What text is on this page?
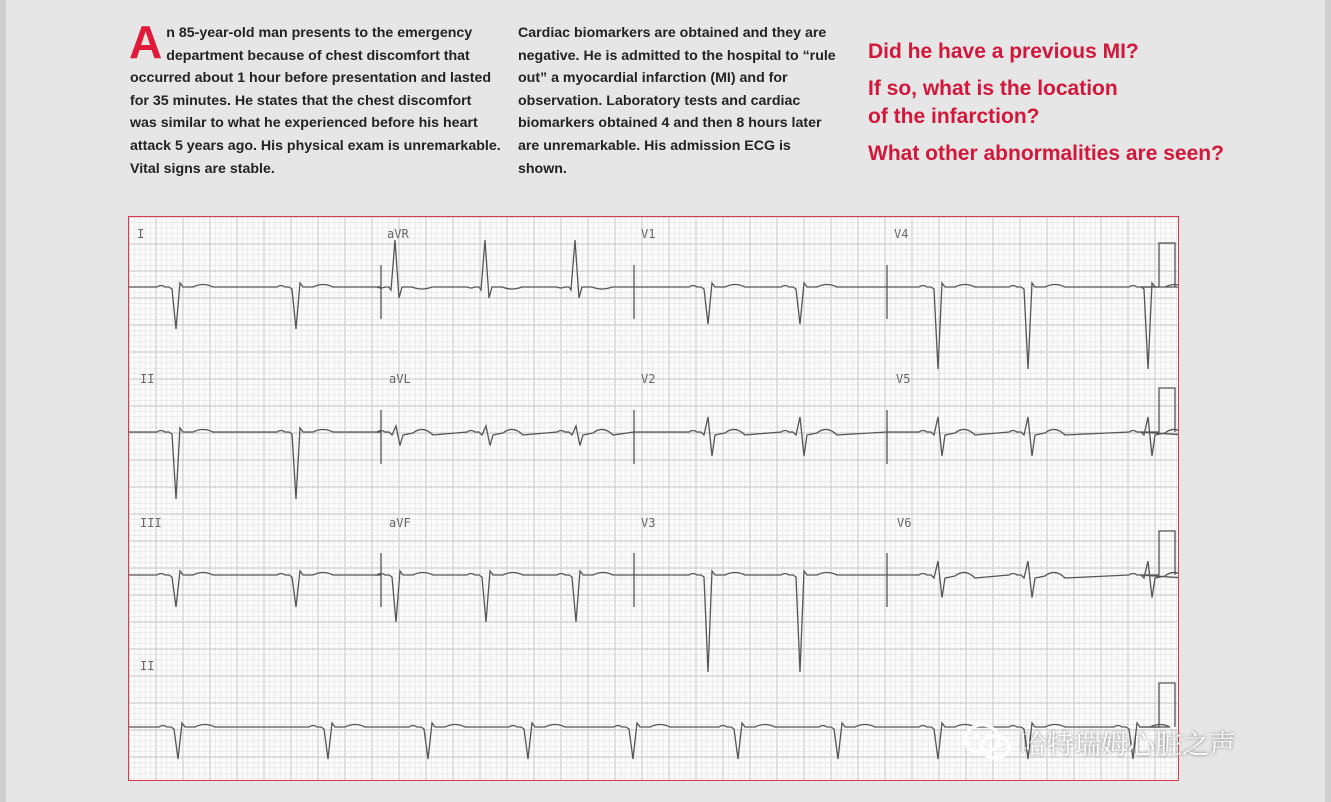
An 85-year-old man presents to the emergency department because of chest discomfort that occurred about 1 hour before presentation and lasted for 35 minutes. He states that the chest discomfort was similar to what he experienced before his heart attack 5 years ago. His physical exam is unremarkable. Vital signs are stable.

Cardiac biomarkers are obtained and they are negative. He is admitted to the hospital to “rule out” a myocardial infarction (MI) and for observation. Laboratory tests and cardiac biomarkers obtained 4 and then 8 hours later are unremarkable. His admission ECG is shown.

Did he have a previous MI?

If so, what is the location
of the infarction?

What other abnormalities are seen?

I	aVR	V1	V4
II	aVL	V2	V5
III	aVF	V3	V6
II
哈特瑞姆心脏之声
